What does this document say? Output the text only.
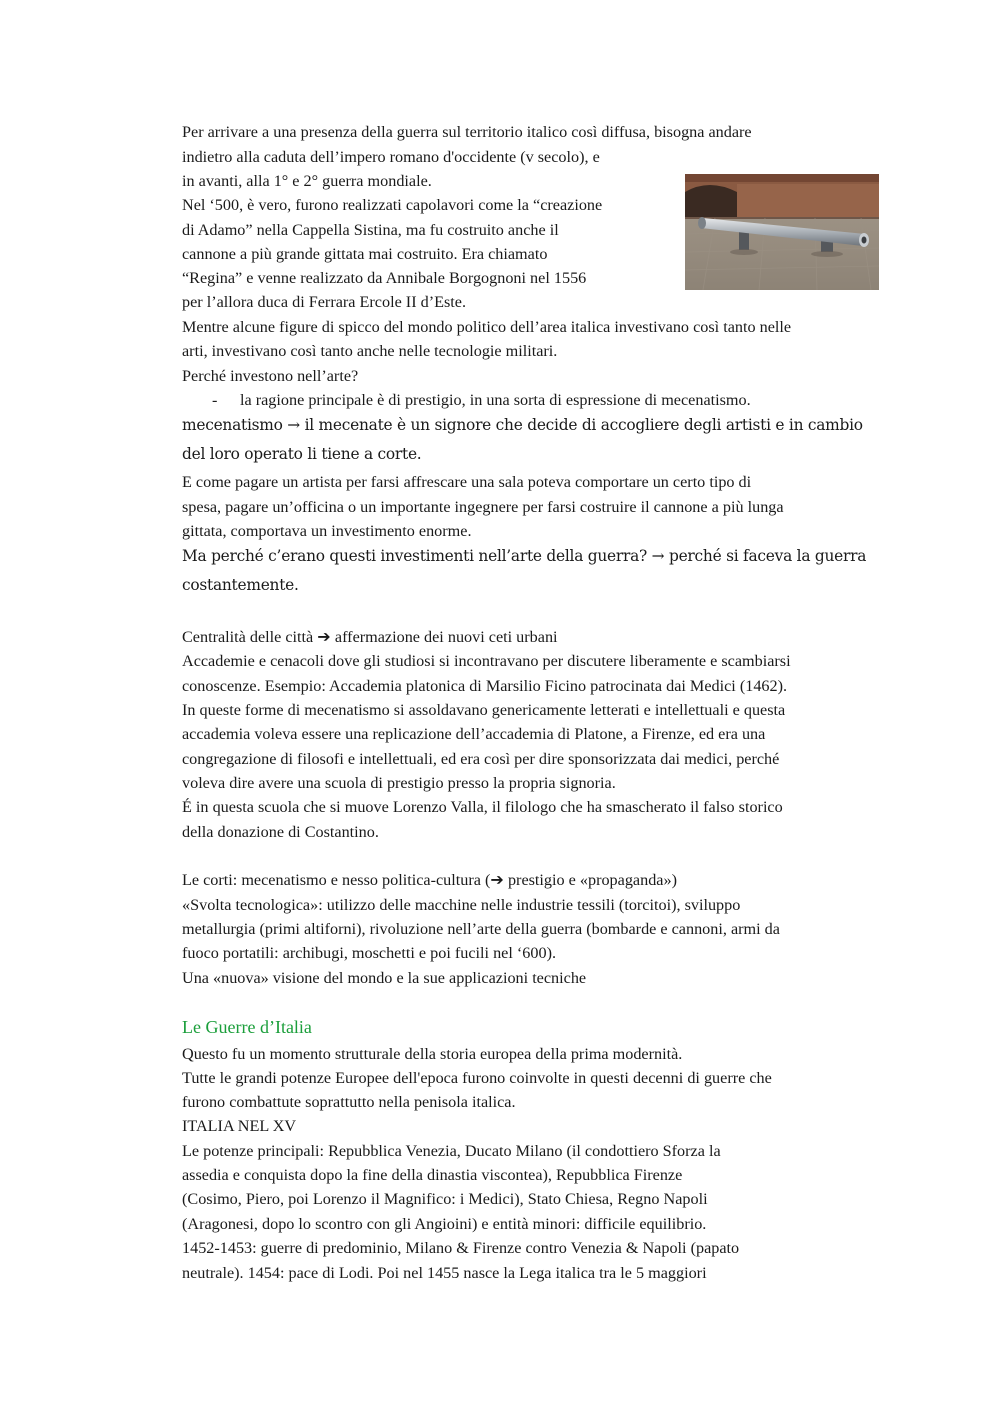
Per arrivare a una presenza della guerra sul territorio italico così diffusa, bisogna andare
indietro alla caduta dell’impero romano d'occidente (v secolo), e
in avanti, alla 1° e 2° guerra mondiale.
Nel ‘500, è vero, furono realizzati capolavori come la “creazione
di Adamo” nella Cappella Sistina, ma fu costruito anche il
cannone a più grande gittata mai costruito. Era chiamato
“Regina” e venne realizzato da Annibale Borgognoni nel 1556
per l’allora duca di Ferrara Ercole II d’Este.
Mentre alcune figure di spicco del mondo politico dell’area italica investivano così tanto nelle
arti, investivano così tanto anche nelle tecnologie militari.
Perché investono nell’arte?
- la ragione principale è di prestigio, in una sorta di espressione di mecenatismo.
mecenatismo → il mecenate è un signore che decide di accogliere degli artisti e in cambio
del loro operato li tiene a corte.
E come pagare un artista per farsi affrescare una sala poteva comportare un certo tipo di
spesa, pagare un’officina o un importante ingegnere per farsi costruire il cannone a più lunga
gittata, comportava un investimento enorme.
Ma perché c’erano questi investimenti nell’arte della guerra? → perché si faceva la guerra
costantemente.
Centralità delle città ➔ affermazione dei nuovi ceti urbani
Accademie e cenacoli dove gli studiosi si incontravano per discutere liberamente e scambiarsi
conoscenze. Esempio: Accademia platonica di Marsilio Ficino patrocinata dai Medici (1462).
In queste forme di mecenatismo si assoldavano genericamente letterati e intellettuali e questa
accademia voleva essere una replicazione dell’accademia di Platone, a Firenze, ed era una
congregazione di filosofi e intellettuali, ed era così per dire sponsorizzata dai medici, perché
voleva dire avere una scuola di prestigio presso la propria signoria.
É in questa scuola che si muove Lorenzo Valla, il filologo che ha smascherato il falso storico
della donazione di Costantino.
Le corti: mecenatismo e nesso politica-cultura (➔ prestigio e «propaganda»)
«Svolta tecnologica»: utilizzo delle macchine nelle industrie tessili (torcitoi), sviluppo
metallurgia (primi altiforni), rivoluzione nell’arte della guerra (bombarde e cannoni, armi da
fuoco portatili: archibugi, moschetti e poi fucili nel ‘600).
Una «nuova» visione del mondo e la sue applicazioni tecniche
Le Guerre d’Italia
Questo fu un momento strutturale della storia europea della prima modernità.
Tutte le grandi potenze Europee dell'epoca furono coinvolte in questi decenni di guerre che
furono combattute soprattutto nella penisola italica.
ITALIA NEL XV
Le potenze principali: Repubblica Venezia, Ducato Milano (il condottiero Sforza la
assedia e conquista dopo la fine della dinastia viscontea), Repubblica Firenze
(Cosimo, Piero, poi Lorenzo il Magnifico: i Medici), Stato Chiesa, Regno Napoli
(Aragonesi, dopo lo scontro con gli Angioini) e entità minori: difficile equilibrio.
1452-1453: guerre di predominio, Milano & Firenze contro Venezia & Napoli (papato
neutrale). 1454: pace di Lodi. Poi nel 1455 nasce la Lega italica tra le 5 maggiori
